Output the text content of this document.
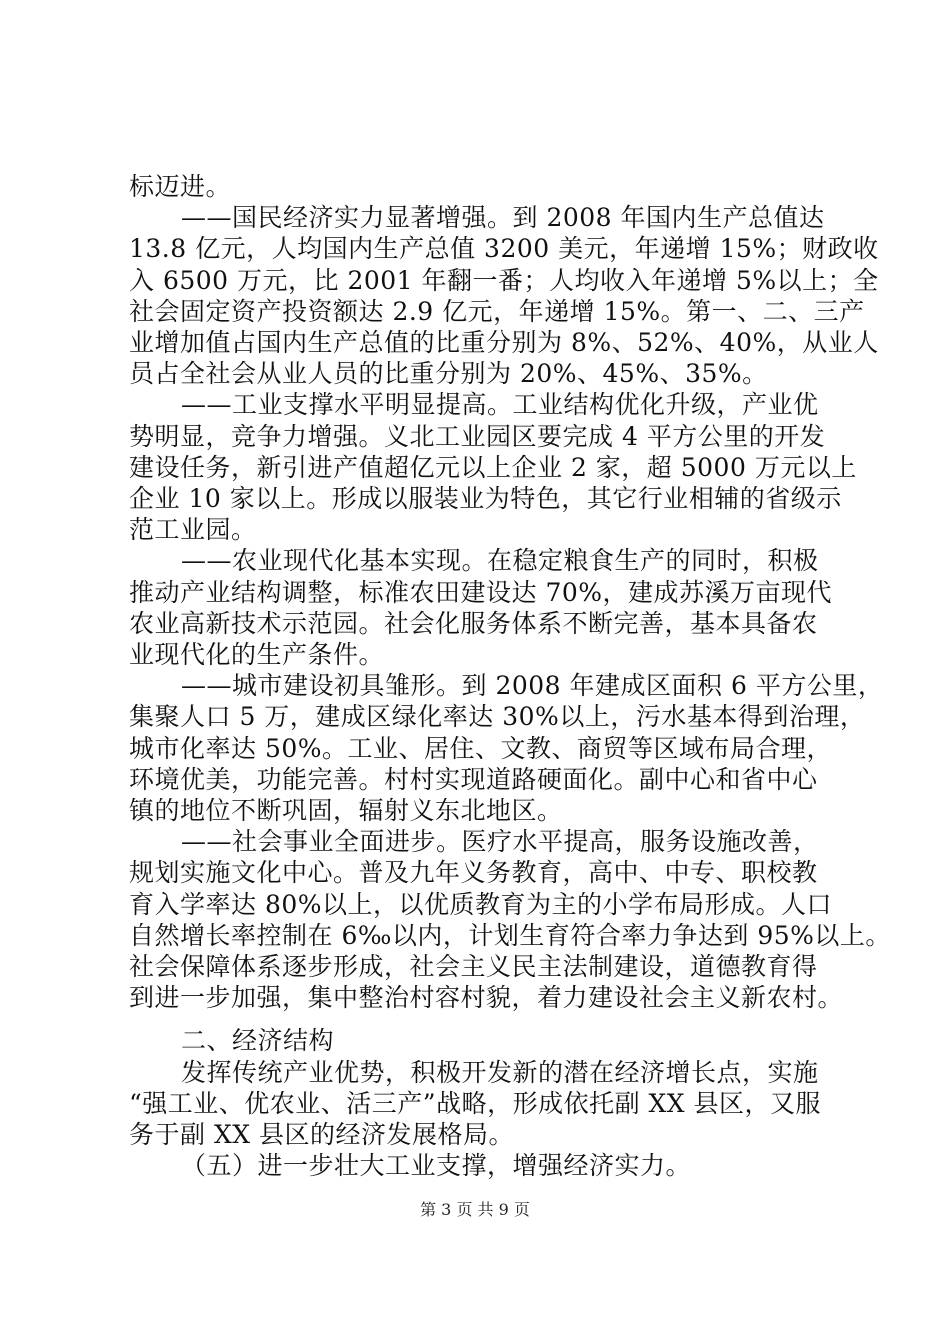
标迈进。
——国民经济实力显著增强。到 2008 年国内生产总值达
13.8 亿元，人均国内生产总值 3200 美元，年递增 15%；财政收
入 6500 万元，比 2001 年翻一番；人均收入年递增 5%以上；全
社会固定资产投资额达 2.9 亿元，年递增 15%。第一、二、三产
业增加值占国内生产总值的比重分别为 8%、52%、40%，从业人
员占全社会从业人员的比重分别为 20%、45%、35%。
——工业支撑水平明显提高。工业结构优化升级，产业优
势明显，竞争力增强。义北工业园区要完成 4 平方公里的开发
建设任务，新引进产值超亿元以上企业 2 家，超 5000 万元以上
企业 10 家以上。形成以服装业为特色，其它行业相辅的省级示
范工业园。
——农业现代化基本实现。在稳定粮食生产的同时，积极
推动产业结构调整，标准农田建设达 70%，建成苏溪万亩现代
农业高新技术示范园。社会化服务体系不断完善，基本具备农
业现代化的生产条件。
——城市建设初具雏形。到 2008 年建成区面积 6 平方公里，
集聚人口 5 万，建成区绿化率达 30%以上，污水基本得到治理，
城市化率达 50%。工业、居住、文教、商贸等区域布局合理，
环境优美，功能完善。村村实现道路硬面化。副中心和省中心
镇的地位不断巩固，辐射义东北地区。
——社会事业全面进步。医疗水平提高，服务设施改善，
规划实施文化中心。普及九年义务教育，高中、中专、职校教
育入学率达 80%以上，以优质教育为主的小学布局形成。人口
自然增长率控制在 6‰以内，计划生育符合率力争达到 95%以上。
社会保障体系逐步形成，社会主义民主法制建设，道德教育得
到进一步加强，集中整治村容村貌，着力建设社会主义新农村。
二、经济结构
发挥传统产业优势，积极开发新的潜在经济增长点，实施
“强工业、优农业、活三产”战略，形成依托副 XX 县区，又服
务于副 XX 县区的经济发展格局。
（五）进一步壮大工业支撑，增强经济实力。
第 3 页 共 9 页
